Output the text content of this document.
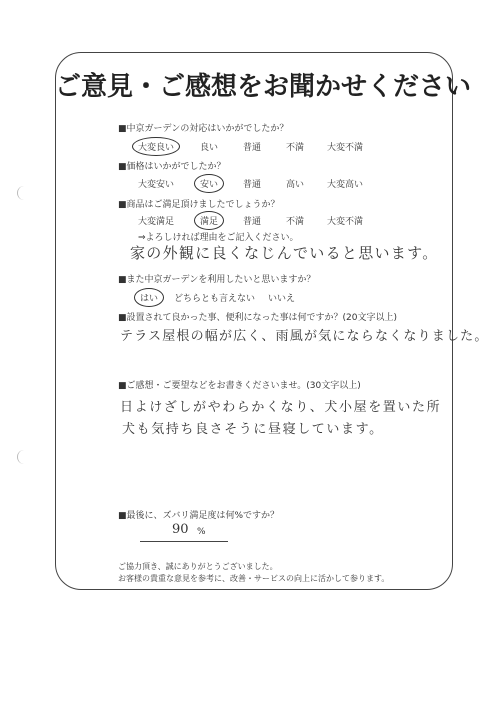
ご意見・ご感想をお聞かせください
■中京ガーデンの対応はいかがでしたか？
大変良い	良い	普通	不満	大変不満
■価格はいかがでしたか？
大変安い	安い	普通	高い	大変高い
■商品はご満足頂けましたでしょうか？
大変満足	満足	普通	不満	大変不満
⇒よろしければ理由をご記入ください。
家の外観に良くなじんでいると思います。
■また中京ガーデンを利用したいと思いますか？
はい	どちらとも言えない いいえ
■設置されて良かった事、便利になった事は何ですか？(20文字以上)
テラス屋根の幅が広く、雨風が気にならなくなりました。
■ご感想・ご要望などをお書きくださいませ。(30文字以上)
日よけざしがやわらかくなり、犬小屋を置いた所
犬も気持ち良さそうに昼寝しています。
■最後に、ズバリ満足度は何%ですか？
90 %
ご協力頂き、誠にありがとうございました。
お客様の貴重な意見を参考に、改善・サービスの向上に活かして参ります。
